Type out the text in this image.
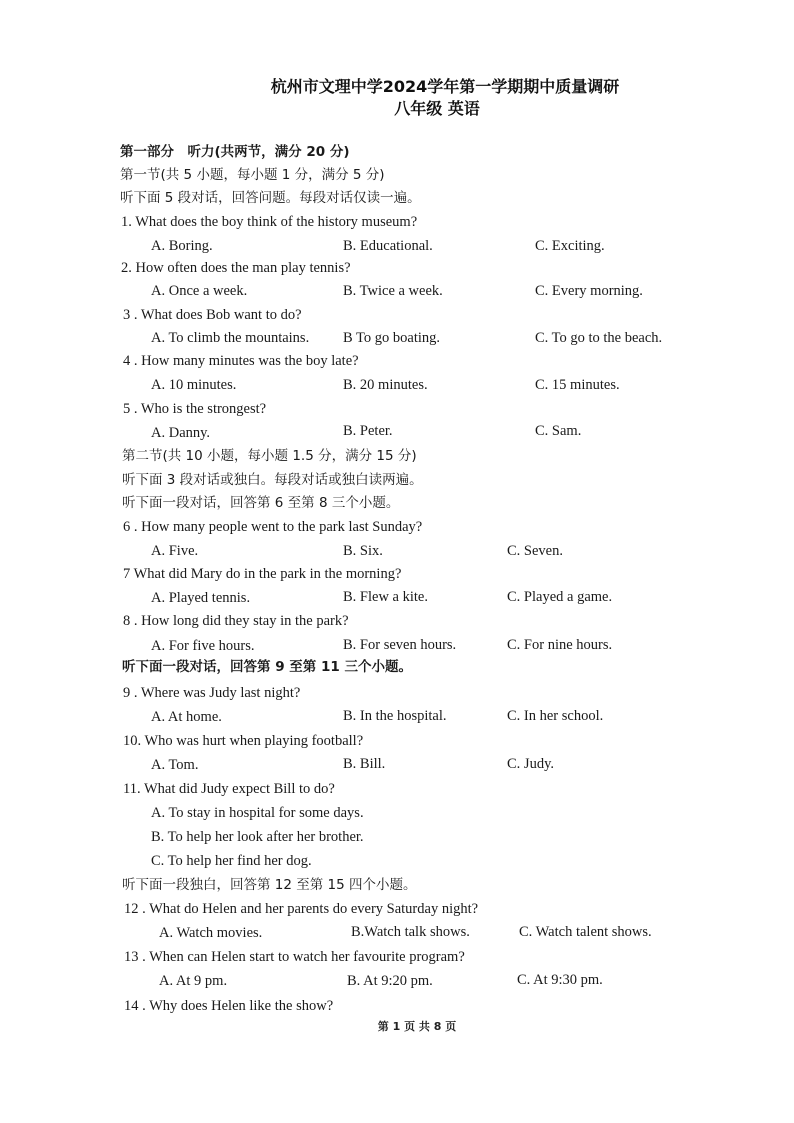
杭州市文理中学2024学年第一学期期中质量调研
八年级 英语
第一部分　听力(共两节，满分 20 分)
第一节(共 5 小题，每小题 1 分，满分 5 分)
听下面 5 段对话，回答问题。每段对话仅读一遍。
1. What does the boy think of the history museum?
A. Boring.	B. Educational.	C. Exciting.
2. How often does the man play tennis?
A. Once a week.	B. Twice a week.	C. Every morning.
3 . What does Bob want to do?
A. To climb the mountains. B To go boating.	C. To go to the beach.
4 . How many minutes was the boy late?
A. 10 minutes.	B. 20 minutes.	C. 15 minutes.
5 . Who is the strongest?
A. Danny.	B. Peter.	C. Sam.
第二节(共 10 小题，每小题 1.5 分，满分 15 分)
听下面 3 段对话或独白。每段对话或独白读两遍。
听下面一段对话，回答第 6 至第 8 三个小题。
6 . How many people went to the park last Sunday?
A. Five.	B. Six.	C. Seven.
7 What did Mary do in the park in the morning?
A. Played tennis.	B. Flew a kite.	C. Played a game.
8 . How long did they stay in the park?
A. For five hours.	B. For seven hours.	C. For nine hours.
听下面一段对话，回答第 9 至第 11 三个小题。
9 . Where was Judy last night?
A. At home.	B. In the hospital.	C. In her school.
10. Who was hurt when playing football?
A. Tom.	B. Bill.	C. Judy.
11. What did Judy expect Bill to do?
A. To stay in hospital for some days.
B. To help her look after her brother.
C. To help her find her dog.
听下面一段独白，回答第 12 至第 15 四个小题。
12 . What do Helen and her parents do every Saturday night?
A. Watch movies.	B.Watch talk shows.	C. Watch talent shows.
13 . When can Helen start to watch her favourite program?
A. At 9 pm.	B. At 9:20 pm.	C. At 9:30 pm.
14 . Why does Helen like the show?
第 1 页 共 8 页
